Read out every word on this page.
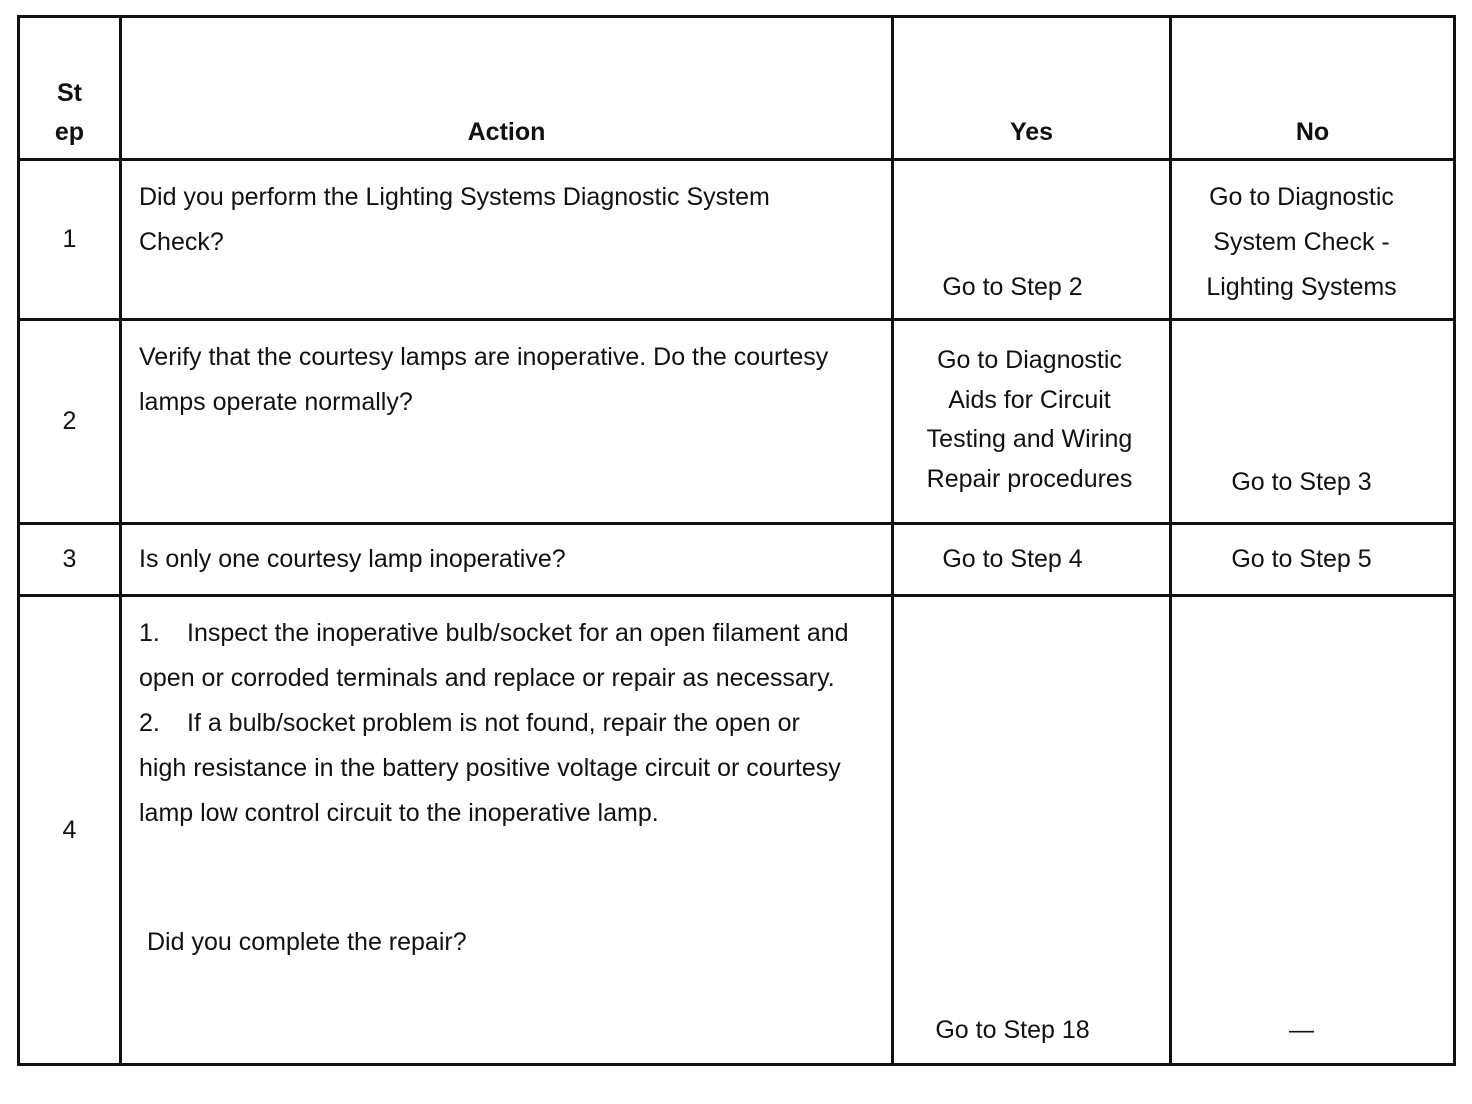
St
ep	Action	Yes	No

1	Did you perform the Lighting Systems Diagnostic System Check?	Go to Step 2	Go to Diagnostic
System Check -
Lighting Systems

2	Verify that the courtesy lamps are inoperative. Do the courtesy lamps operate normally?	Go to Diagnostic
Aids for Circuit
Testing and Wiring
Repair procedures	Go to Step 3

3	Is only one courtesy lamp inoperative?	Go to Step 4	Go to Step 5

4	1. Inspect the inoperative bulb/socket for an open filament and open or corroded terminals and replace or repair as necessary.
2. If a bulb/socket problem is not found, repair the open or high resistance in the battery positive voltage circuit or courtesy lamp low control circuit to the inoperative lamp.
Did you complete the repair?	Go to Step 18	—
